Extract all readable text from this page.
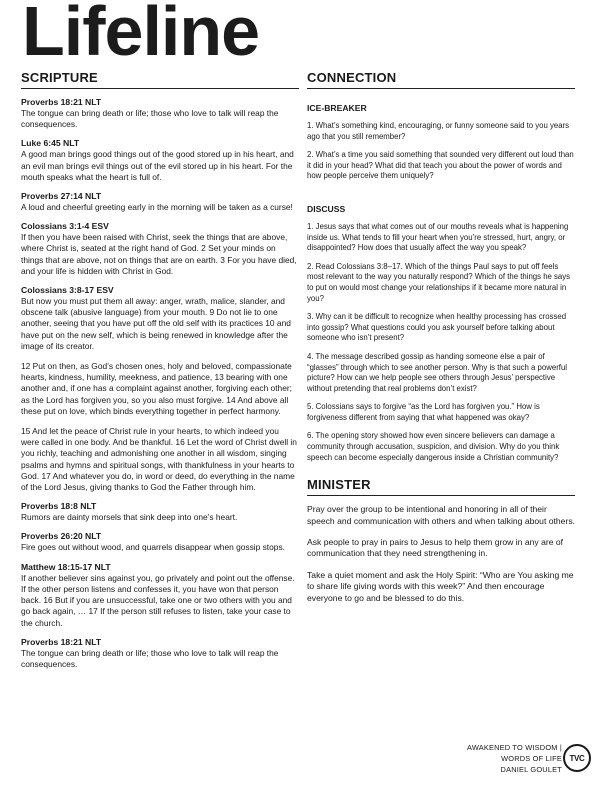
Lifeline
SCRIPTURE
Proverbs 18:21 NLT
The tongue can bring death or life; those who love to talk will reap the consequences.
Luke 6:45 NLT
A good man brings good things out of the good stored up in his heart, and an evil man brings evil things out of the evil stored up in his heart. For the mouth speaks what the heart is full of.
Proverbs 27:14 NLT
A loud and cheerful greeting early in the morning will be taken as a curse!
Colossians 3:1-4 ESV
If then you have been raised with Christ, seek the things that are above, where Christ is, seated at the right hand of God. 2 Set your minds on things that are above, not on things that are on earth. 3 For you have died, and your life is hidden with Christ in God.
Colossians 3:8-17 ESV
But now you must put them all away: anger, wrath, malice, slander, and obscene talk (abusive language) from your mouth. 9 Do not lie to one another, seeing that you have put off the old self with its practices 10 and have put on the new self, which is being renewed in knowledge after the image of its creator.
12 Put on then, as God’s chosen ones, holy and beloved, compassionate hearts, kindness, humility, meekness, and patience, 13 bearing with one another and, if one has a complaint against another, forgiving each other; as the Lord has forgiven you, so you also must forgive. 14 And above all these put on love, which binds everything together in perfect harmony.
15 And let the peace of Christ rule in your hearts, to which indeed you were called in one body. And be thankful. 16 Let the word of Christ dwell in you richly, teaching and admonishing one another in all wisdom, singing psalms and hymns and spiritual songs, with thankfulness in your hearts to God. 17 And whatever you do, in word or deed, do everything in the name of the Lord Jesus, giving thanks to God the Father through him.
Proverbs 18:8 NLT
Rumors are dainty morsels that sink deep into one’s heart.
Proverbs 26:20 NLT
Fire goes out without wood, and quarrels disappear when gossip stops.
Matthew 18:15-17 NLT
If another believer sins against you, go privately and point out the offense. If the other person listens and confesses it, you have won that person back. 16 But if you are unsuccessful, take one or two others with you and go back again, … 17 If the person still refuses to listen, take your case to the church.
Proverbs 18:21 NLT
The tongue can bring death or life; those who love to talk will reap the consequences.
CONNECTION
ICE-BREAKER
1. What’s something kind, encouraging, or funny someone said to you years ago that you still remember?
2. What’s a time you said something that sounded very different out loud than it did in your head? What did that teach you about the power of words and how people perceive them uniquely?
DISCUSS
1. Jesus says that what comes out of our mouths reveals what is happening inside us. What tends to fill your heart when you’re stressed, hurt, angry, or disappointed? How does that usually affect the way you speak?
2. Read Colossians 3:8–17. Which of the things Paul says to put off feels most relevant to the way you naturally respond? Which of the things he says to put on would most change your relationships if it became more natural in you?
3. Why can it be difficult to recognize when healthy processing has crossed into gossip? What questions could you ask yourself before talking about someone who isn’t present?
4. The message described gossip as handing someone else a pair of “glasses” through which to see another person. Why is that such a powerful picture? How can we help people see others through Jesus’ perspective without pretending that real problems don’t exist?
5. Colossians says to forgive “as the Lord has forgiven you.” How is forgiveness different from saying that what happened was okay?
6. The opening story showed how even sincere believers can damage a community through accusation, suspicion, and division. Why do you think speech can become especially dangerous inside a Christian community?
MINISTER
Pray over the group to be intentional and honoring in all of their speech and communication with others and when talking about others.
Ask people to pray in pairs to Jesus to help them grow in any are of communication that they need strengthening in.
Take a quiet moment and ask the Holy Spirit: “Who are You asking me to share life giving words with this week?” And then encourage everyone to go and be blessed to do this.
AWAKENED TO WISDOM |
WORDS OF LIFE
DANIEL GOULET
TVC
